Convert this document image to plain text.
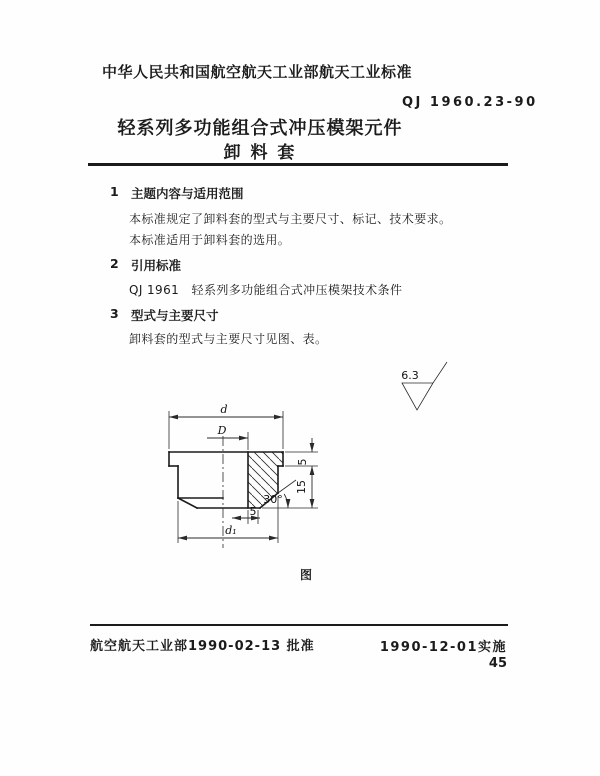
中华人民共和国航空航天工业部航天工业标准
QJ 1960.23-90
轻系列多功能组合式冲压模架元件
卸 料 套
1 主题内容与适用范围
本标准规定了卸料套的型式与主要尺寸、标记、技术要求。
本标准适用于卸料套的选用。
2 引用标准
QJ 1961　轻系列多功能组合式冲压模架技术条件
3 型式与主要尺寸
卸料套的型式与主要尺寸见图、表。
d
D
5
15
30°
5
d₁
6.3
图
航空航天工业部1990-02-13 批准	1990-12-01实施
45
